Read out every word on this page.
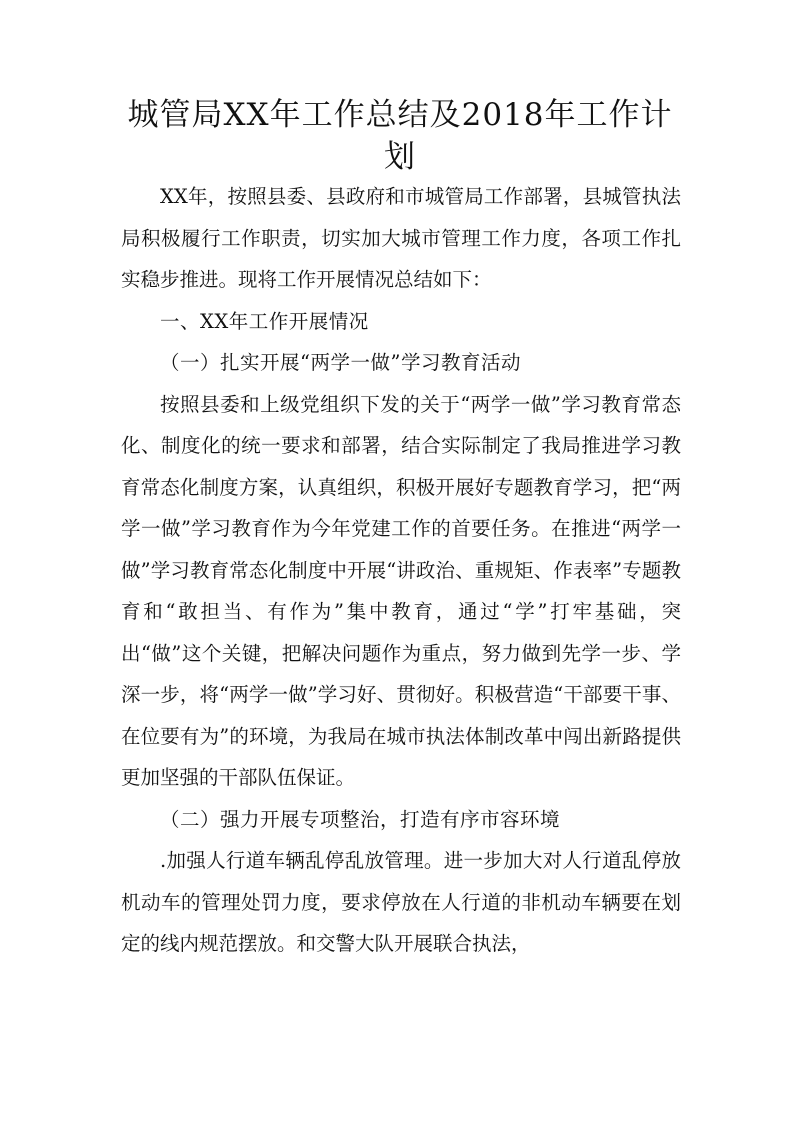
城管局XX年工作总结及2018年工作计划

XX年，按照县委、县政府和市城管局工作部署，县城管执法局积极履行工作职责，切实加大城市管理工作力度，各项工作扎实稳步推进。现将工作开展情况总结如下：

一、XX年工作开展情况

（一）扎实开展“两学一做”学习教育活动

按照县委和上级党组织下发的关于“两学一做”学习教育常态化、制度化的统一要求和部署，结合实际制定了我局推进学习教育常态化制度方案，认真组织，积极开展好专题教育学习，把“两学一做”学习教育作为今年党建工作的首要任务。在推进“两学一做”学习教育常态化制度中开展“讲政治、重规矩、作表率”专题教育和“敢担当、有作为”集中教育，通过“学”打牢基础，突出“做”这个关键，把解决问题作为重点，努力做到先学一步、学深一步，将“两学一做”学习好、贯彻好。积极营造“干部要干事、在位要有为”的环境，为我局在城市执法体制改革中闯出新路提供更加坚强的干部队伍保证。

（二）强力开展专项整治，打造有序市容环境

.加强人行道车辆乱停乱放管理。进一步加大对人行道乱停放机动车的管理处罚力度，要求停放在人行道的非机动车辆要在划定的线内规范摆放。和交警大队开展联合执法，
